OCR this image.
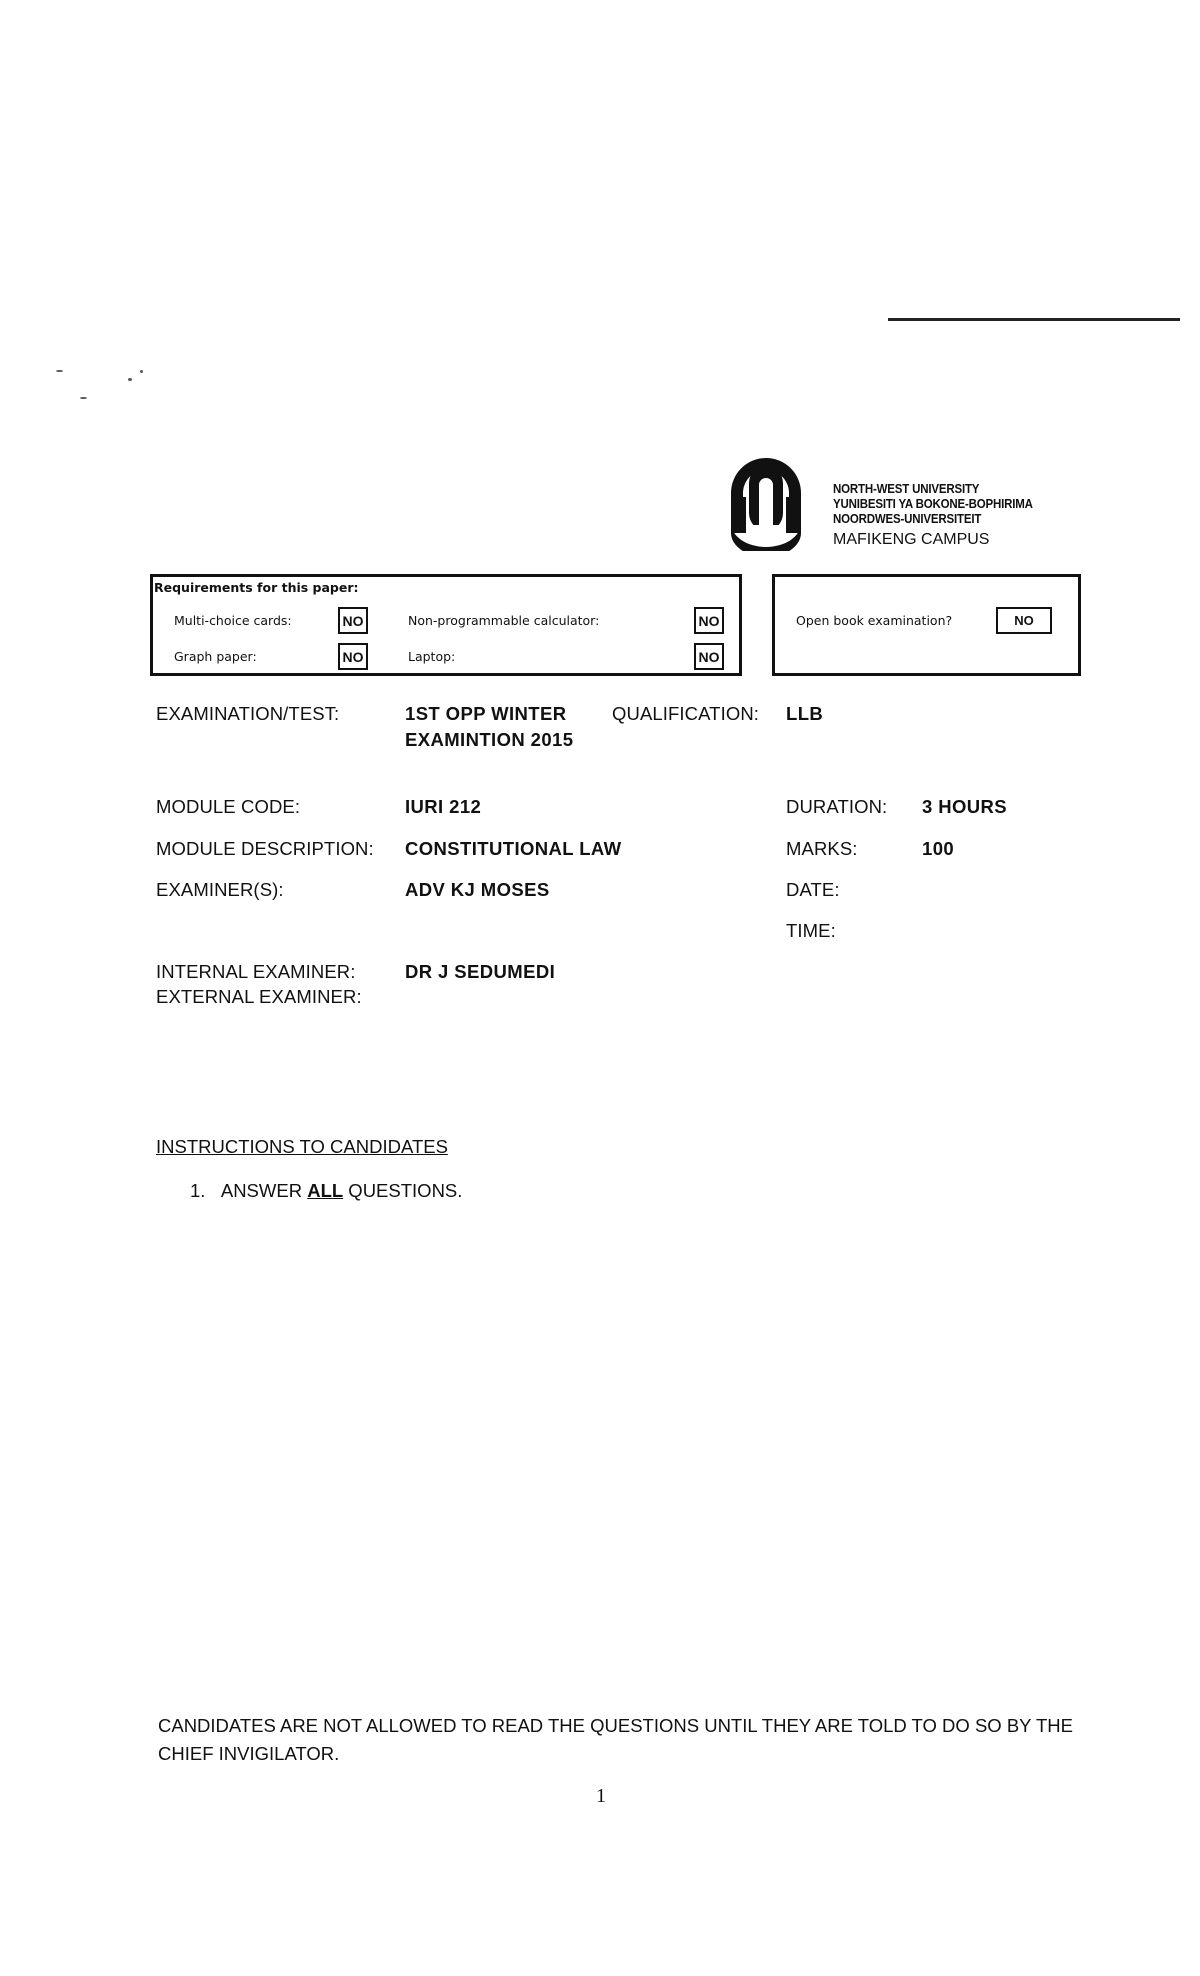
NORTH-WEST UNIVERSITY
YUNIBESITI YA BOKONE-BOPHIRIMA
NOORDWES-UNIVERSITEIT
MAFIKENG CAMPUS
Requirements for this paper:
Multi-choice cards:	NO
Graph paper:	NO
Non-programmable calculator:	NO
Laptop:	NO
Open book examination?	NO
EXAMINATION/TEST:	1ST OPP WINTER
EXAMINTION 2015
QUALIFICATION: LLB
MODULE CODE:	IURI 212	DURATION: 3 HOURS
MODULE DESCRIPTION: CONSTITUTIONAL LAW	MARKS:	100
EXAMINER(S):	ADV KJ MOSES	DATE:
TIME:
INTERNAL EXAMINER:	DR J SEDUMEDI
EXTERNAL EXAMINER:
INSTRUCTIONS TO CANDIDATES
1. ANSWER ALL QUESTIONS.
CANDIDATES ARE NOT ALLOWED TO READ THE QUESTIONS UNTIL THEY ARE TOLD TO DO SO BY THE CHIEF INVIGILATOR.
1
